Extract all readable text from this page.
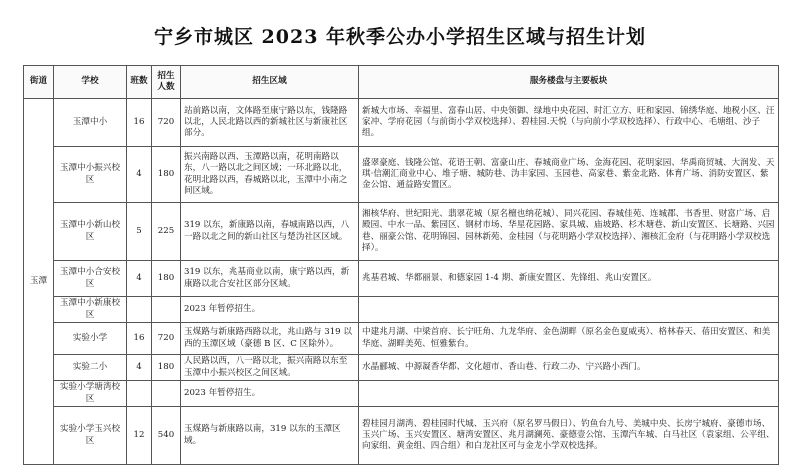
宁乡市城区 2023 年秋季公办小学招生区域与招生计划
街道	学校	班数	招生人数	招生区域	服务楼盘与主要板块
玉潭	玉潭中小	16	720	站前路以南，文体路至康宁路以东，钱隆路以北，人民北路以西的新城社区与新康社区部分。	新城大市场、幸福里、富春山居、中央领御、绿地中央花园、时汇立方、旺和家园、锦绣华庭、地税小区、汪家冲、学府花园（与前街小学双校选择）、碧桂园.天悦（与向前小学双校选择）、行政中心、毛塘组、沙子组。
	玉潭中小振兴校区	4	180	振兴南路以西、玉潭路以南，花明南路以东，八一路以北之间区域；一环北路以北，花明北路以西，春城路以北，玉潭中小南之间区域。	盛翠豪庭、钱隆公馆、花语王朝、富豪山庄、春城商业广场、金海花园、花明家园、华禹商贸城、大润发、天琪·信潮汇商业中心、堆子塘、城防巷、沩丰家园、玉园巷、高家巷、紫金北路、体育广场、消防安置区、紫金公馆、通益路安置区。
	玉潭中小新山校区	5	225	319 以东，新康路以南，春城南路以西，八一路以北之间的新山社区与楚沩社区区域。	湘核华府、世纪阳光、翡翠花城（原名檀也纳花城）、同兴花园、春城佳苑、连城郡、书香里、财富广场、启殿园、中水一品、紫园区、钢材市场、华星花园路、家具城、庙坡路、杉木塘巷、新山安置区、长塘路、兴园巷、丽豪公馆、花明锦园、园林新苑、金桂园（与花明路小学双校选择）、湘核汇金府（与花明路小学双校选择）。
	玉潭中小合安校区	4	180	319 以东，兆基商业以南，康宁路以西，新康路以北合安社区部分区域。	兆基君城、华都丽景、和德家园 1-4 期、新康安置区、先锋组、兆山安置区。
	玉潭中小新康校区			2023 年暂停招生。	
	实验小学	16	720	玉煤路与新康路西路以北，兆山路与 319 以西的玉潭区域（豪德 B 区、C 区除外）。	中建兆月湖、中梁首府、长宁旺角、九龙华府、金色湖畔（原名金色夏威夷）、格林春天、蓓田安置区、和美华庭、湖畔美苑、恒雅紫台。
	实验二小	4	180	人民路以西，八一路以北，振兴南路以东至玉潭中小振兴校区之间区域。	水晶郦城、中源凝香华都、文化超市、香山巷、行政二办、宁兴路小西门。
	实验小学塘湾校区			2023 年暂停招生。	
	实验小学玉兴校区	12	540	玉煤路与新康路以南，319 以东的玉潭区域。	碧桂园月湖湾、碧桂园时代城、玉兴府（原名罗马假日）、钓鱼台九号、美城中央、长房宁城府、豪德市场、玉兴广场、玉兴安置区、塘湾安置区、兆月湖澜苑、豪德壹公馆、玉潭汽车城、白马社区（袁家组、公平组、向家组、黄金组、四合组）和白龙社区可与金龙小学双校选择。
